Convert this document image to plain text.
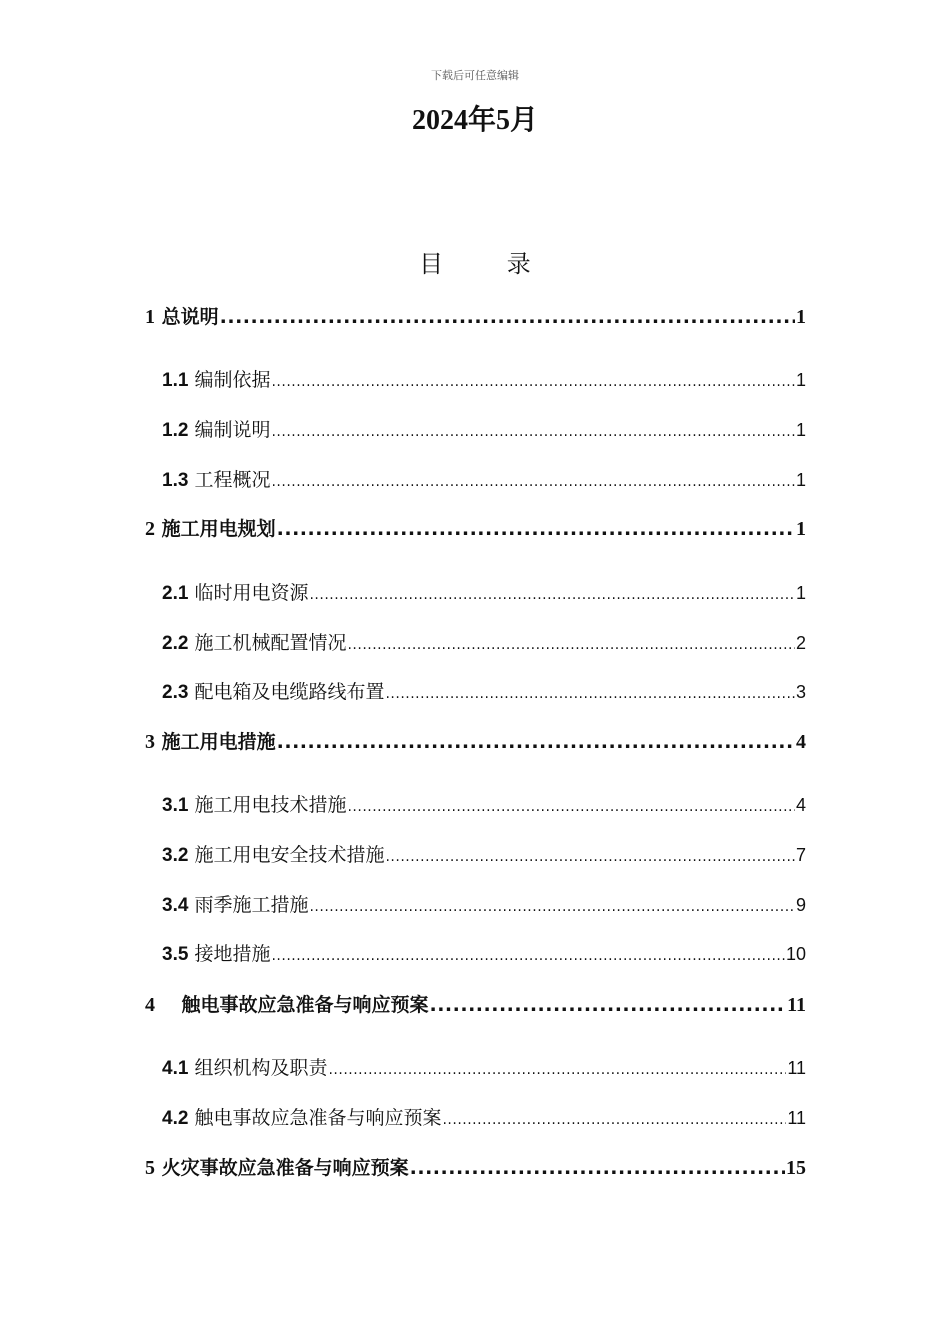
下载后可任意编辑
2024年5月
目 录
1 总说明 .....	1
1.1 编制依据 .....	1
1.2 编制说明 .....	1
1.3 工程概况 .....	1
2 施工用电规划 .....	1
2.1 临时用电资源 .....	1
2.2 施工机械配置情况 .....	2
2.3 配电箱及电缆路线布置 .....	3
3 施工用电措施 .....	4
3.1 施工用电技术措施 .....	4
3.2 施工用电安全技术措施 .....	7
3.4 雨季施工措施 .....	9
3.5 接地措施 .....	10
4 触电事故应急准备与响应预案 .....	11
4.1 组织机构及职责 .....	11
4.2 触电事故应急准备与响应预案 .....	11
5 火灾事故应急准备与响应预案 .....	15
